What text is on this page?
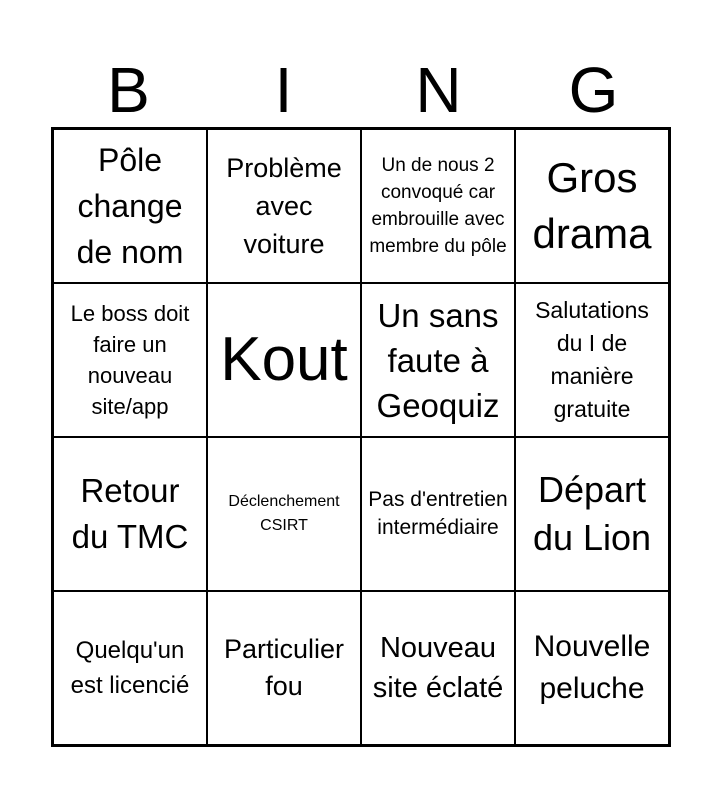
B	I	N	G
Pôle change de nom
Problème avec voiture
Un de nous 2 convoqué car embrouille avec membre du pôle
Gros drama
Le boss doit faire un nouveau site/app
Kout
Un sans faute à Geoquiz
Salutations du I de manière gratuite
Retour du TMC
Déclenchement CSIRT
Pas d'entretien intermédiaire
Départ du Lion
Quelqu'un est licencié
Particulier fou
Nouveau site éclaté
Nouvelle peluche
